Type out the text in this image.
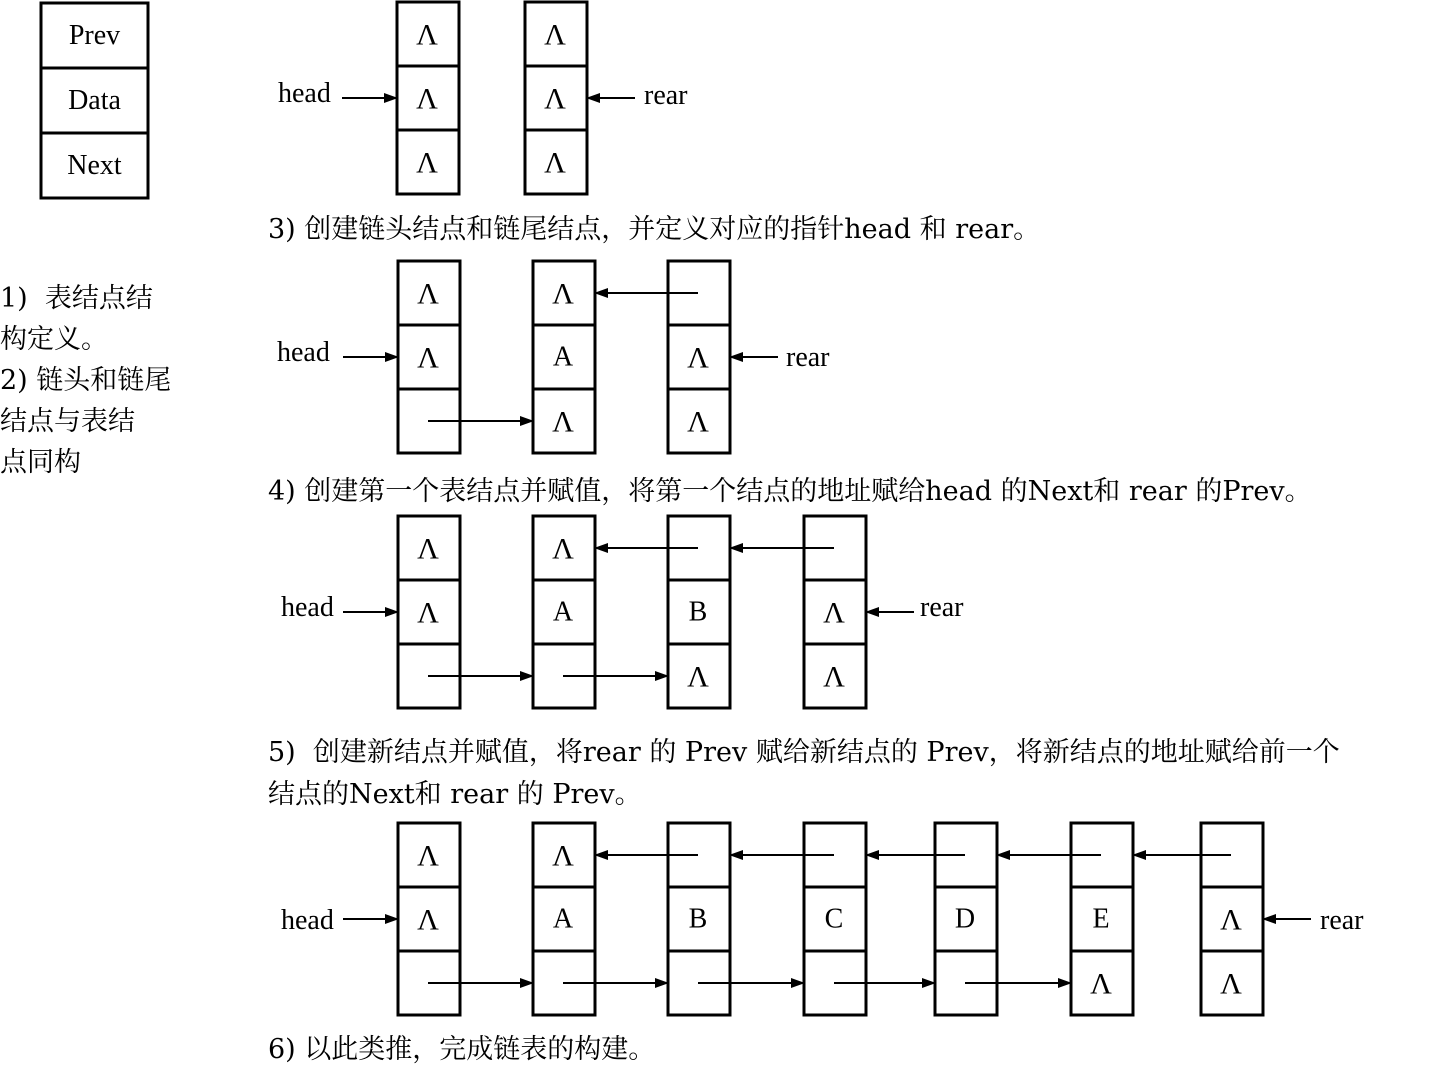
Prev
Data
Next
Λ
Λ
Λ
Λ
Λ
Λ
Λ
Λ
Λ
A
Λ
Λ
Λ
Λ
Λ
Λ
A	B
Λ
Λ
Λ
Λ
Λ
Λ
A	B	C	D	E
Λ
Λ
Λ
1)  表结点结
构定义。
2) 链头和链尾
结点与表结
点同构
3) 创建链头结点和链尾结点，并定义对应的指针head 和 rear。
4) 创建第一个表结点并赋值，将第一个结点的地址赋给head 的Next和 rear 的Prev。
5)  创建新结点并赋值，将rear 的 Prev 赋给新结点的 Prev，将新结点的地址赋给前一个
结点的Next和 rear 的 Prev。
6) 以此类推，完成链表的构建。
head	rear
head	rear
head	rear
head	rear
